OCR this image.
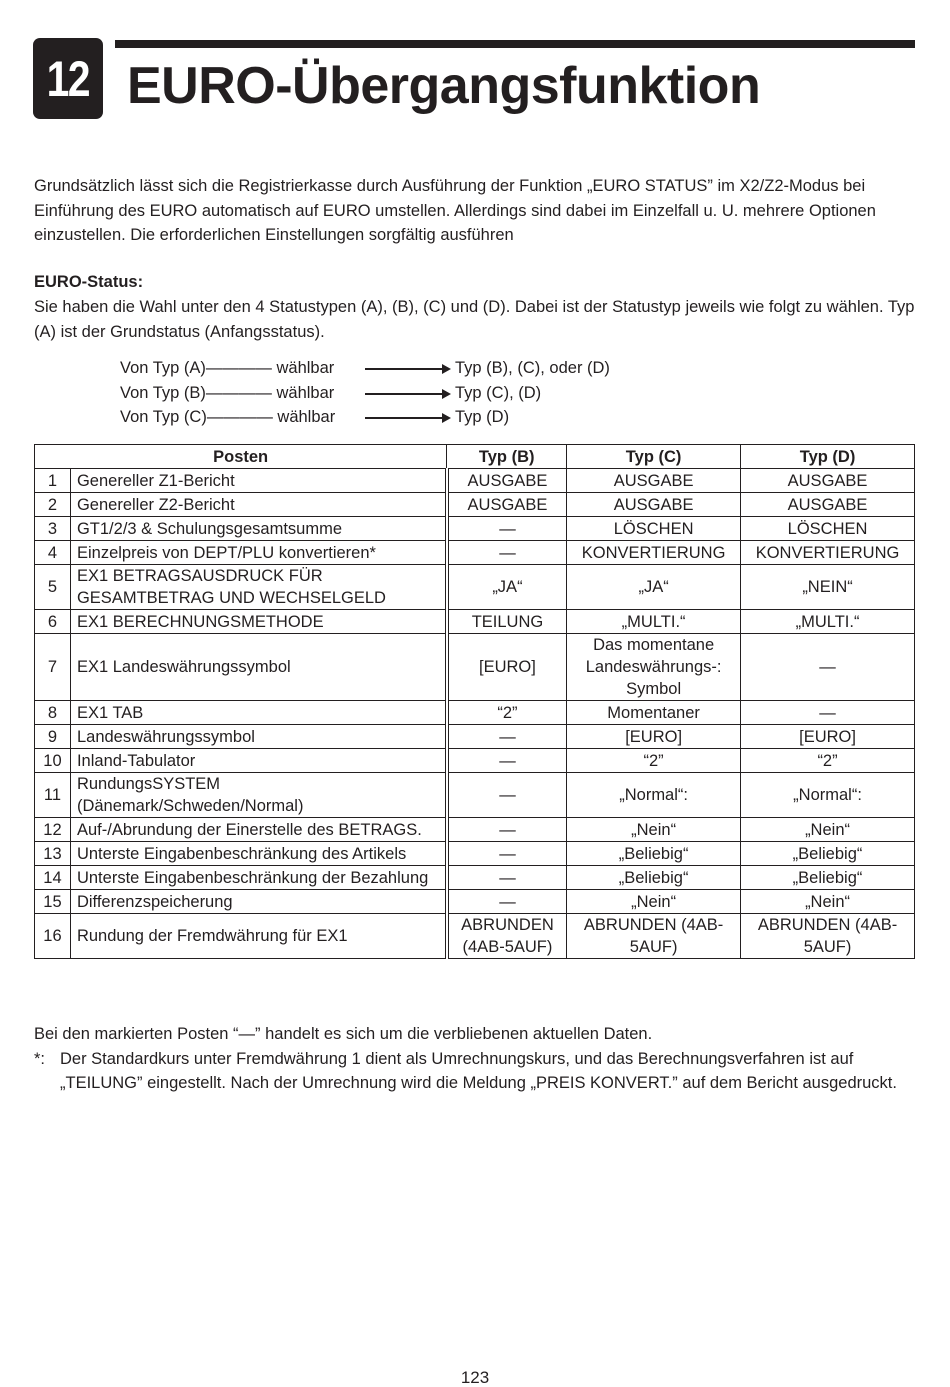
12 EURO-Übergangsfunktion

Grundsätzlich lässt sich die Registrierkasse durch Ausführung der Funktion „EURO STATUS” im X2/Z2-Modus bei Einführung des EURO automatisch auf EURO umstellen. Allerdings sind dabei im Einzelfall u. U. mehrere Optionen einzustellen. Die erforderlichen Einstellungen sorgfältig ausführen

EURO-Status:

Sie haben die Wahl unter den 4 Statustypen (A), (B), (C) und (D). Dabei ist der Statustyp jeweils wie folgt zu wählen. Typ (A) ist der Grundstatus (Anfangsstatus).

Von Typ (A)———— wählbar	Typ (B), (C), oder (D)
Von Typ (B)———— wählbar	Typ (C), (D)
Von Typ (C)———— wählbar	Typ (D)
Posten		Typ (B)	Typ (C)	Typ (D)
1	Genereller Z1-Bericht	AUSGABE	AUSGABE	AUSGABE
2	Genereller Z2-Bericht	AUSGABE	AUSGABE	AUSGABE
3	GT1/2/3 & Schulungsgesamtsumme	—	LÖSCHEN	LÖSCHEN
4	Einzelpreis von DEPT/PLU konvertieren*	—	KONVERTIERUNG	KONVERTIERUNG
5	EX1 BETRAGSAUSDRUCK FÜR GESAMTBETRAG UND WECHSELGELD	„JA“	„JA“	„NEIN“
6	EX1 BERECHNUNGSMETHODE	TEILUNG	„MULTI.“	„MULTI.“
7	EX1 Landeswährungssymbol	[EURO]	Das momentane Landeswährungs-: Symbol	—
8	EX1 TAB	“2”	Momentaner	—
9	Landeswährungssymbol	—	[EURO]	[EURO]
10	Inland-Tabulator	—	“2”	“2”
11	RundungsSYSTEM (Dänemark/Schweden/Normal)	—	„Normal“:	„Normal“:
12	Auf-/Abrundung der Einerstelle des BETRAGS.	—	„Nein“	„Nein“
13	Unterste Eingabenbeschränkung des Artikels	—	„Beliebig“	„Beliebig“
14	Unterste Eingabenbeschränkung der Bezahlung	—	„Beliebig“	„Beliebig“
15	Differenzspeicherung	—	„Nein“	„Nein“
16	Rundung der Fremdwährung für EX1	ABRUNDEN (4AB-5AUF)	ABRUNDEN (4AB-5AUF)	ABRUNDEN (4AB-5AUF)

Bei den markierten Posten “—” handelt es sich um die verbliebenen aktuellen Daten.

*: Der Standardkurs unter Fremdwährung 1 dient als Umrechnungskurs, und das Berechnungsverfahren ist auf „TEILUNG” eingestellt. Nach der Umrechnung wird die Meldung „PREIS KONVERT.” auf dem Bericht ausgedruckt.

123
